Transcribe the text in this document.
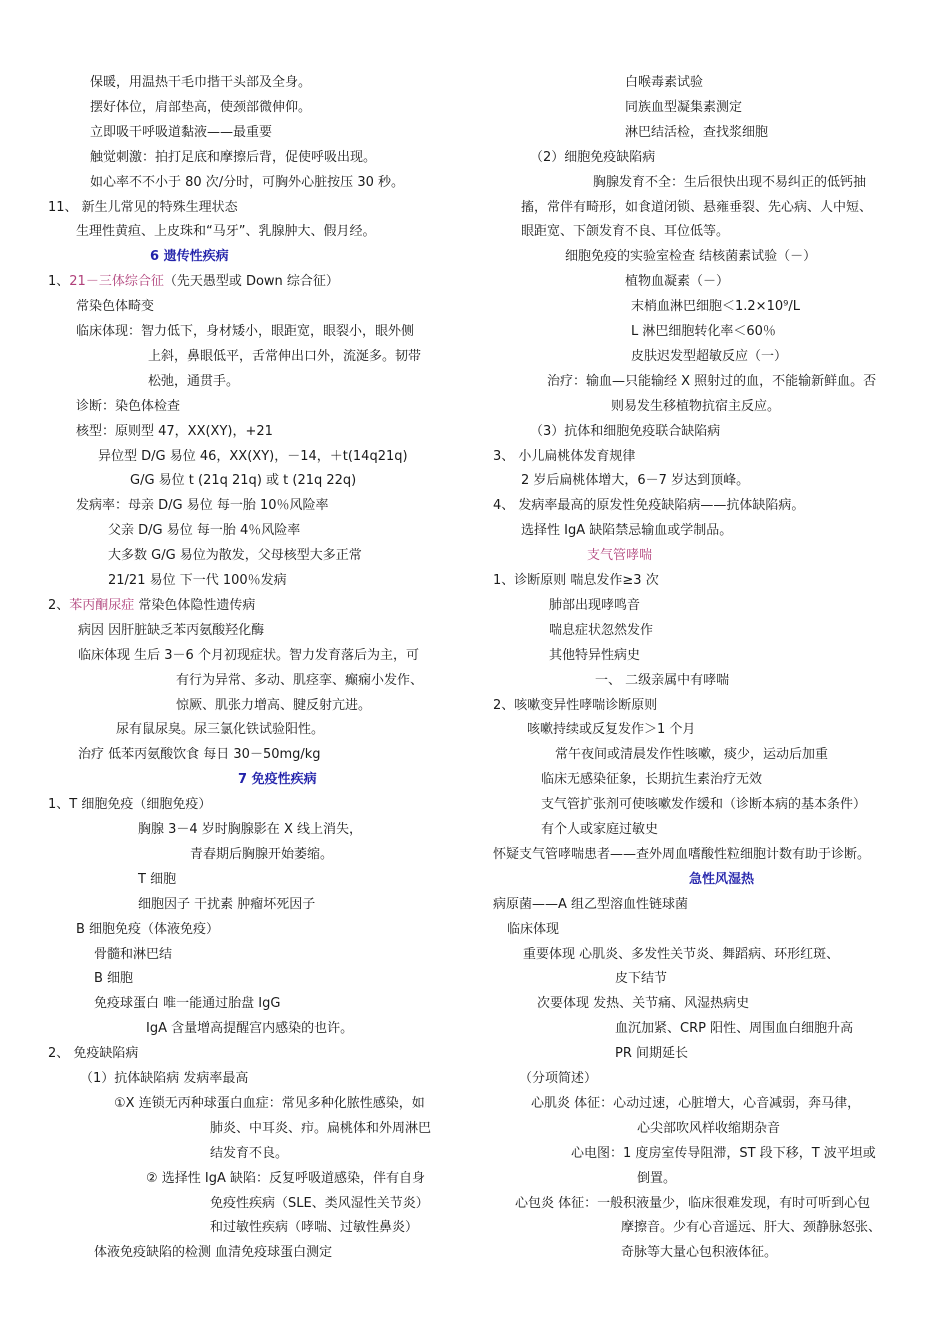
保暖，用温热干毛巾揩干头部及全身。
摆好体位，肩部垫高，使颈部微伸仰。
立即吸干呼吸道黏液——最重要
触觉刺激：拍打足底和摩擦后背，促使呼吸出现。
如心率不不小于 80 次/分时，可胸外心脏按压 30 秒。
11、 新生儿常见的特殊生理状态
生理性黄疸、上皮珠和“马牙”、乳腺肿大、假月经。
6 遗传性疾病
1、21－三体综合征（先天愚型或 Down 综合征）
常染色体畸变
临床体现：智力低下，身材矮小，眼距宽，眼裂小，眼外侧
上斜，鼻眼低平，舌常伸出口外，流涎多。韧带
松弛，通贯手。
诊断：染色体检查
核型：原则型 47，XX(XY)，+21
异位型 D/G 易位 46，XX(XY)，－14，＋t(14q21q)
G/G 易位 t (21q 21q) 或 t (21q 22q)
发病率：母亲 D/G 易位 每一胎 10％风险率
父亲 D/G 易位 每一胎 4％风险率
大多数 G/G 易位为散发，父母核型大多正常
21/21 易位 下一代 100％发病
2、苯丙酮尿症 常染色体隐性遗传病
病因 因肝脏缺乏苯丙氨酸羟化酶
临床体现 生后 3－6 个月初现症状。智力发育落后为主，可
有行为异常、多动、肌痉挛、癫痫小发作、
惊厥、肌张力增高、腱反射亢进。
尿有鼠尿臭。尿三氯化铁试验阳性。
治疗 低苯丙氨酸饮食 每日 30－50mg/kg
7 免疫性疾病
1、T 细胞免疫（细胞免疫）
胸腺 3－4 岁时胸腺影在 X 线上消失，
青春期后胸腺开始萎缩。
T 细胞
细胞因子 干扰素 肿瘤坏死因子
B 细胞免疫（体液免疫）
骨髓和淋巴结
B 细胞
免疫球蛋白 唯一能通过胎盘 IgG
IgA 含量增高提醒宫内感染的也许。
2、 免疫缺陷病
（1）抗体缺陷病 发病率最高
①X 连锁无丙种球蛋白血症：常见多种化脓性感染，如
肺炎、中耳炎、疖。扁桃体和外周淋巴
结发育不良。
② 选择性 IgA 缺陷：反复呼吸道感染，伴有自身
免疫性疾病（SLE、类风湿性关节炎）
和过敏性疾病（哮喘、过敏性鼻炎）
体液免疫缺陷的检测 血清免疫球蛋白测定
白喉毒素试验
同族血型凝集素测定
淋巴结活检，查找浆细胞
（2）细胞免疫缺陷病
胸腺发育不全：生后很快出现不易纠正的低钙抽
搐，常伴有畸形，如食道闭锁、悬雍垂裂、先心病、人中短、
眼距宽、下颌发育不良、耳位低等。
细胞免疫的实验室检查 结核菌素试验（－）
植物血凝素（－）
末梢血淋巴细胞＜1.2×10⁹/L
L 淋巴细胞转化率＜60％
皮肤迟发型超敏反应（一）
治疗：输血—只能输经 X 照射过的血，不能输新鲜血。否
则易发生移植物抗宿主反应。
（3）抗体和细胞免疫联合缺陷病
3、 小儿扁桃体发育规律
2 岁后扁桃体增大，6－7 岁达到顶峰。
4、 发病率最高的原发性免疫缺陷病——抗体缺陷病。
选择性 IgA 缺陷禁忌输血或学制品。
支气管哮喘
1、诊断原则 喘息发作≥3 次
肺部出现哮鸣音
喘息症状忽然发作
其他特异性病史
一、 二级亲属中有哮喘
2、咳嗽变异性哮喘诊断原则
咳嗽持续或反复发作＞1 个月
常午夜间或清晨发作性咳嗽，痰少，运动后加重
临床无感染征象，长期抗生素治疗无效
支气管扩张剂可使咳嗽发作缓和（诊断本病的基本条件）
有个人或家庭过敏史
怀疑支气管哮喘患者——查外周血嗜酸性粒细胞计数有助于诊断。
急性风湿热
病原菌——A 组乙型溶血性链球菌
临床体现
重要体现 心肌炎、多发性关节炎、舞蹈病、环形红斑、
皮下结节
次要体现 发热、关节痛、风湿热病史
血沉加紧、CRP 阳性、周围血白细胞升高
PR 间期延长
（分项简述）
心肌炎 体征：心动过速，心脏增大，心音减弱，奔马律，
心尖部吹风样收缩期杂音
心电图：1 度房室传导阻滞，ST 段下移，T 波平坦或
倒置。
心包炎 体征：一般积液量少，临床很难发现，有时可听到心包
摩擦音。少有心音遥远、肝大、颈静脉怒张、
奇脉等大量心包积液体征。
